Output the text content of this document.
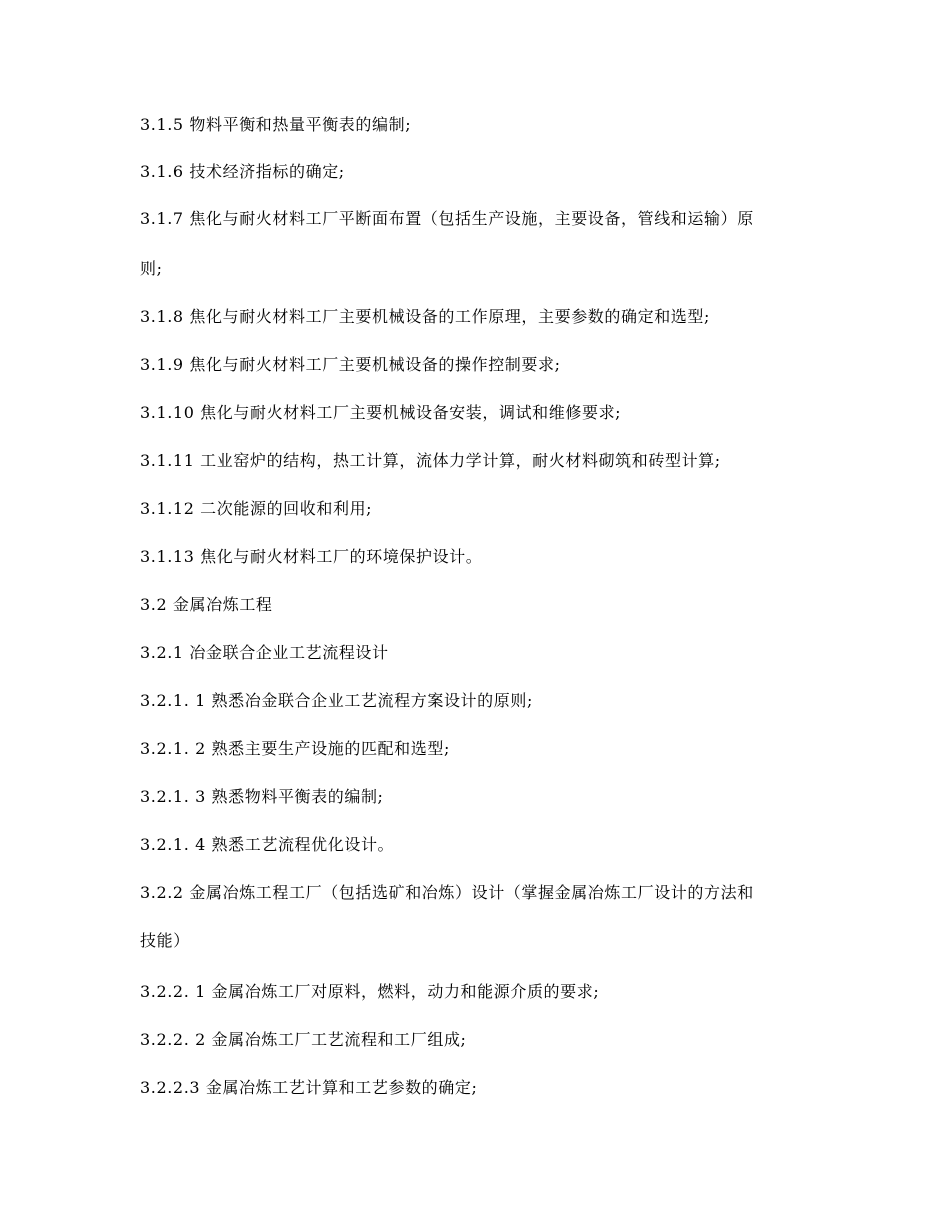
3.1.5 物料平衡和热量平衡表的编制;
3.1.6 技术经济指标的确定;
3.1.7 焦化与耐火材料工厂平断面布置（包括生产设施，主要设备，管线和运输）原
则;
3.1.8 焦化与耐火材料工厂主要机械设备的工作原理，主要参数的确定和选型;
3.1.9 焦化与耐火材料工厂主要机械设备的操作控制要求;
3.1.10 焦化与耐火材料工厂主要机械设备安装，调试和维修要求;
3.1.11 工业窑炉的结构，热工计算，流体力学计算，耐火材料砌筑和砖型计算;
3.1.12 二次能源的回收和利用;
3.1.13 焦化与耐火材料工厂的环境保护设计。
3.2 金属冶炼工程
3.2.1 冶金联合企业工艺流程设计
3.2.1. 1 熟悉冶金联合企业工艺流程方案设计的原则;
3.2.1. 2 熟悉主要生产设施的匹配和选型;
3.2.1. 3 熟悉物料平衡表的编制;
3.2.1. 4 熟悉工艺流程优化设计。
3.2.2 金属冶炼工程工厂（包括选矿和冶炼）设计（掌握金属冶炼工厂设计的方法和
技能）
3.2.2. 1 金属冶炼工厂对原料，燃料，动力和能源介质的要求;
3.2.2. 2 金属冶炼工厂工艺流程和工厂组成;
3.2.2.3 金属冶炼工艺计算和工艺参数的确定;
